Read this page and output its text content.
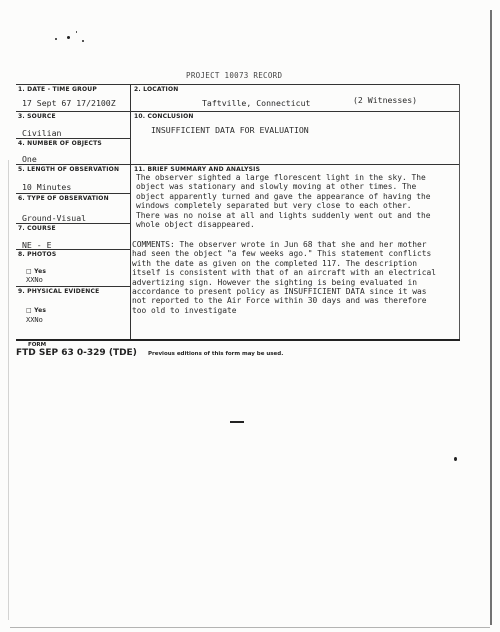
PROJECT 10073 RECORD
1. DATE - TIME GROUP
17 Sept 67 17/2100Z
2. LOCATION
Taftville, Connecticut	(2 Witnesses)
3. SOURCE
Civilian
10. CONCLUSION
INSUFFICIENT DATA FOR EVALUATION
4. NUMBER OF OBJECTS
One
5. LENGTH OF OBSERVATION
10 Minutes
6. TYPE OF OBSERVATION
Ground-Visual
7. COURSE
NE - E
8. PHOTOS
□ Yes
XXNo
9. PHYSICAL EVIDENCE
□ Yes
XXNo
11. BRIEF SUMMARY AND ANALYSIS
The observer sighted a large florescent light in the sky. The
object was stationary and slowly moving at other times. The
object apparently turned and gave the appearance of having the
windows completely separated but very close to each other.
There was no noise at all and lights suddenly went out and the
whole object disappeared.
COMMENTS: The observer wrote in Jun 68 that she and her mother
had seen the object "a few weeks ago." This statement conflicts
with the date as given on the completed 117. The description
itself is consistent with that of an aircraft with an electrical
advertizing sign. However the sighting is being evaluated in
accordance to present policy as INSUFFICIENT DATA since it was
not reported to the Air Force within 30 days and was therefore
too old to investigate
FORM
FTD SEP 63 0-329 (TDE) Previous editions of this form may be used.
